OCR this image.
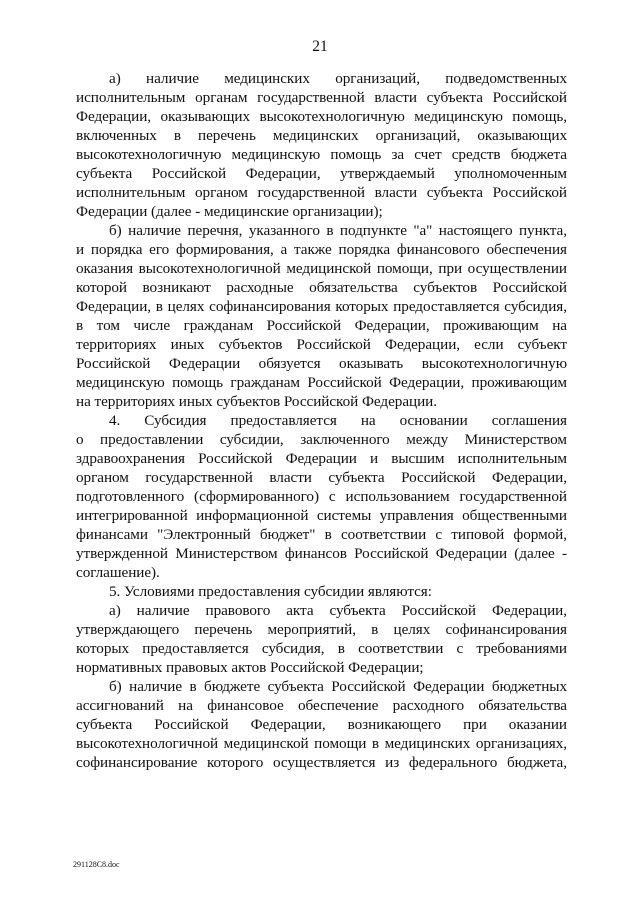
21
а) наличие медицинских организаций, подведомственных
исполнительным органам государственной власти субъекта Российской
Федерации, оказывающих высокотехнологичную медицинскую помощь,
включенных в перечень медицинских организаций, оказывающих
высокотехнологичную медицинскую помощь за счет средств бюджета
субъекта Российской Федерации, утверждаемый уполномоченным
исполнительным органом государственной власти субъекта Российской
Федерации (далее - медицинские организации);
б) наличие перечня, указанного в подпункте "а" настоящего пункта,
и порядка его формирования, а также порядка финансового обеспечения
оказания высокотехнологичной медицинской помощи, при осуществлении
которой возникают расходные обязательства субъектов Российской
Федерации, в целях софинансирования которых предоставляется субсидия,
в том числе гражданам Российской Федерации, проживающим на
территориях иных субъектов Российской Федерации, если субъект
Российской Федерации обязуется оказывать высокотехнологичную
медицинскую помощь гражданам Российской Федерации, проживающим
на территориях иных субъектов Российской Федерации.
4. Субсидия предоставляется на основании соглашения
о предоставлении субсидии, заключенного между Министерством
здравоохранения Российской Федерации и высшим исполнительным
органом государственной власти субъекта Российской Федерации,
подготовленного (сформированного) с использованием государственной
интегрированной информационной системы управления общественными
финансами "Электронный бюджет" в соответствии с типовой формой,
утвержденной Министерством финансов Российской Федерации (далее -
соглашение).
5. Условиями предоставления субсидии являются:
а) наличие правового акта субъекта Российской Федерации,
утверждающего перечень мероприятий, в целях софинансирования
которых предоставляется субсидия, в соответствии с требованиями
нормативных правовых актов Российской Федерации;
б) наличие в бюджете субъекта Российской Федерации бюджетных
ассигнований на финансовое обеспечение расходного обязательства
субъекта Российской Федерации, возникающего при оказании
высокотехнологичной медицинской помощи в медицинских организациях,
софинансирование которого осуществляется из федерального бюджета,
291128C8.doc
